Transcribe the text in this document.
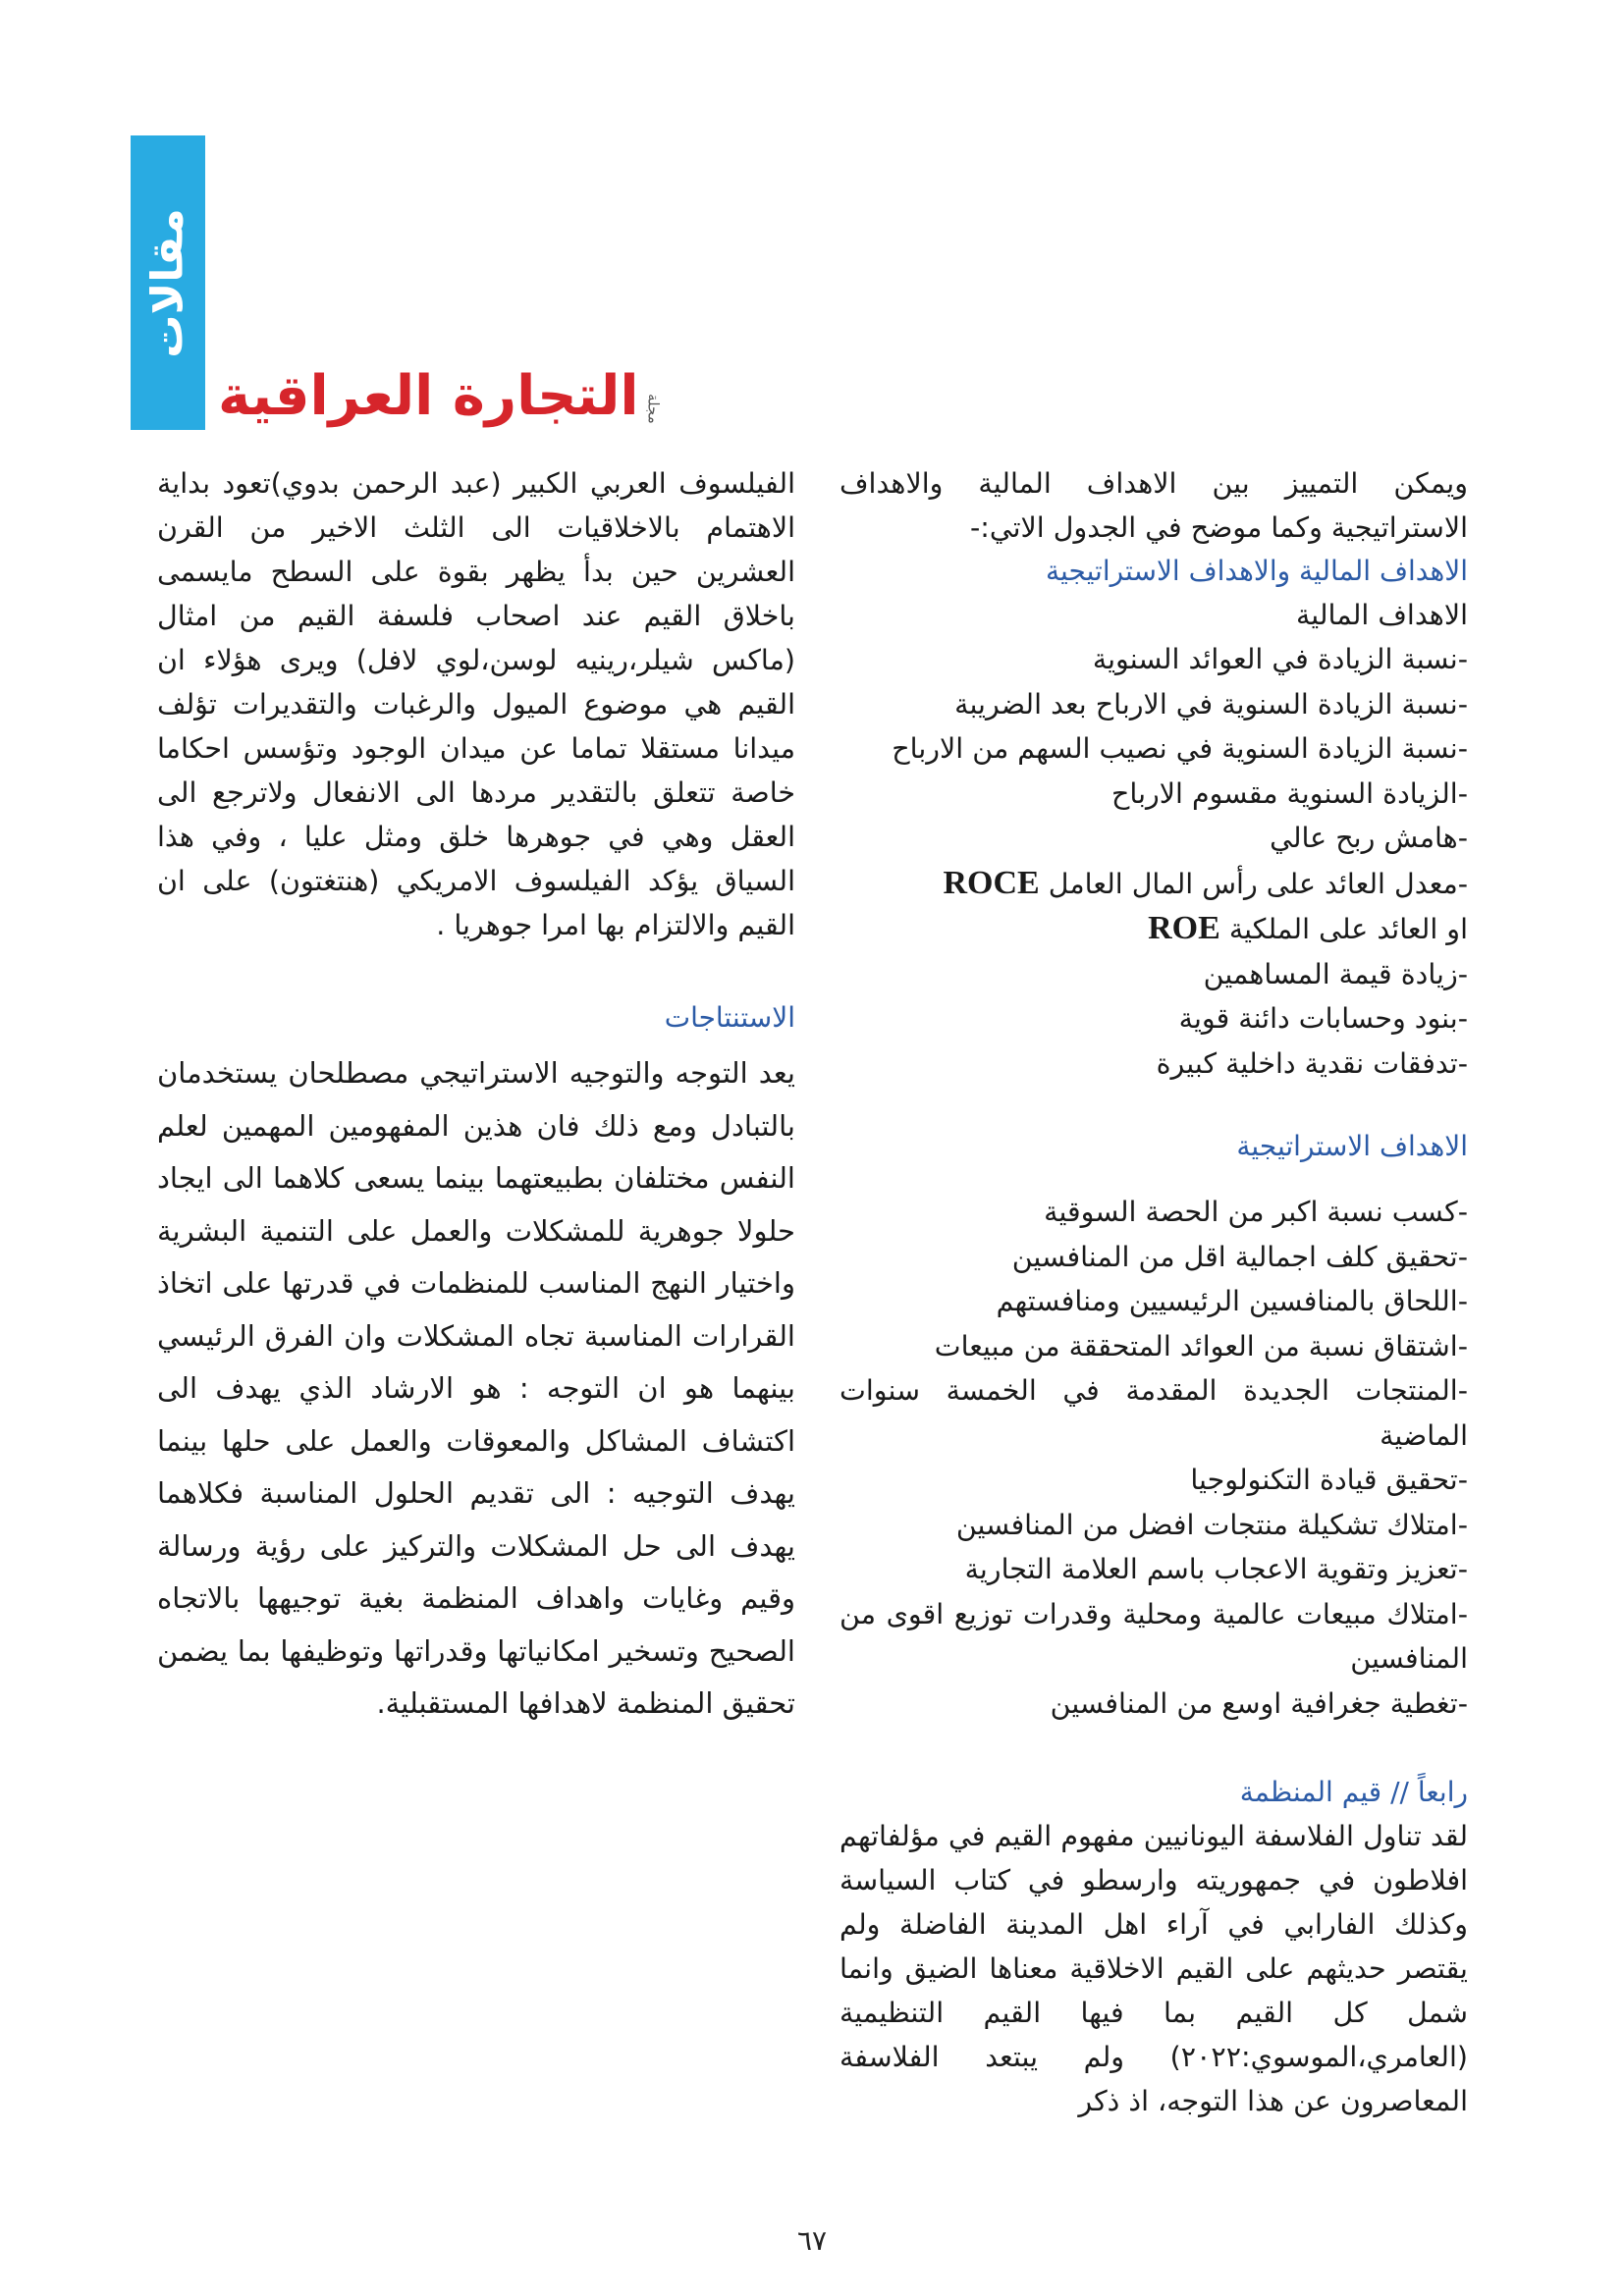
مقالات
مجلة
التجارة العراقية

ويمكن التمييز بين الاهداف المالية والاهداف الاستراتيجية وكما موضح في الجدول الاتي:-

الاهداف المالية والاهداف الاستراتيجية

الاهداف المالية

-نسبة الزيادة في العوائد السنوية

-نسبة الزيادة السنوية في الارباح بعد الضريبة

-نسبة الزيادة السنوية في نصيب السهم من الارباح

-الزيادة السنوية مقسوم الارباح

-هامش ربح عالي

-معدل العائد على رأس المال العامل ROCE

او العائد على الملكية ROE

-زيادة قيمة المساهمين

-بنود وحسابات دائنة قوية

-تدفقات نقدية داخلية كبيرة

الاهداف الاستراتيجية

-كسب نسبة اكبر من الحصة السوقية

-تحقيق كلف اجمالية اقل من المنافسين

-اللحاق بالمنافسين الرئيسيين ومنافستهم

-اشتقاق نسبة من العوائد المتحققة من مبيعات

-المنتجات الجديدة المقدمة في الخمسة سنوات الماضية

-تحقيق قيادة التكنولوجيا

-امتلاك تشكيلة منتجات افضل من المنافسين

-تعزيز وتقوية الاعجاب باسم العلامة التجارية

-امتلاك مبيعات عالمية ومحلية وقدرات توزيع اقوى من المنافسين

-تغطية جغرافية اوسع من المنافسين

رابعاً // قيم المنظمة

لقد تناول الفلاسفة اليونانيين مفهوم القيم في مؤلفاتهم افلاطون في جمهوريته وارسطو في كتاب السياسة وكذلك الفارابي في آراء اهل المدينة الفاضلة ولم يقتصر حديثهم على القيم الاخلاقية معناها الضيق وانما شمل كل القيم بما فيها القيم التنظيمية (العامري،الموسوي:٢٠٢٢) ولم يبتعد الفلاسفة المعاصرون عن هذا التوجه، اذ ذكر

الفيلسوف العربي الكبير (عبد الرحمن بدوي)تعود بداية الاهتمام بالاخلاقيات الى الثلث الاخير من القرن العشرين حين بدأ يظهر بقوة على السطح مايسمى باخلاق القيم عند اصحاب فلسفة القيم من امثال (ماكس شيلر،رينيه لوسن،لوي لافل) ويرى هؤلاء ان القيم هي موضوع الميول والرغبات والتقديرات تؤلف ميدانا مستقلا تماما عن ميدان الوجود وتؤسس احكاما خاصة تتعلق بالتقدير مردها الى الانفعال ولاترجع الى العقل وهي في جوهرها خلق ومثل عليا ، وفي هذا السياق يؤكد الفيلسوف الامريكي (هنتغتون) على ان القيم والالتزام بها امرا جوهريا .

الاستنتاجات

يعد التوجه والتوجيه الاستراتيجي مصطلحان يستخدمان بالتبادل ومع ذلك فان هذين المفهومين المهمين لعلم النفس مختلفان بطبيعتهما بينما يسعى كلاهما الى ايجاد حلولا جوهرية للمشكلات والعمل على التنمية البشرية واختيار النهج المناسب للمنظمات في قدرتها على اتخاذ القرارات المناسبة تجاه المشكلات وان الفرق الرئيسي بينهما هو ان التوجه : هو الارشاد الذي يهدف الى اكتشاف المشاكل والمعوقات والعمل على حلها بينما يهدف التوجيه : الى تقديم الحلول المناسبة فكلاهما يهدف الى حل المشكلات والتركيز على رؤية ورسالة وقيم وغايات واهداف المنظمة بغية توجيهها بالاتجاه الصحيح وتسخير امكانياتها وقدراتها وتوظيفها بما يضمن تحقيق المنظمة لاهدافها المستقبلية.

٦٧
